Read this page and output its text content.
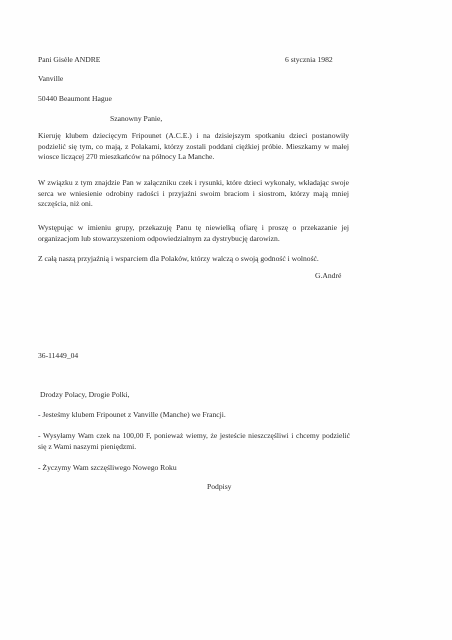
Pani Gisèle ANDRE	6 stycznia 1982
Vanville
50440 Beaumont Hague
Szanowny Panie,
Kieruję klubem dziecięcym Fripounet (A.C.E.) i na dzisiejszym spotkaniu dzieci postanowiły podzielić się tym, co mają, z Polakami, którzy zostali poddani ciężkiej próbie. Mieszkamy w małej wiosce liczącej 270 mieszkańców na północy La Manche.
W związku z tym znajdzie Pan w załączniku czek i rysunki, które dzieci wykonały, wkładając swoje serca we wniesienie odrobiny radości i przyjaźni swoim braciom i siostrom, którzy mają mniej szczęścia, niż oni.
Występując w imieniu grupy, przekazuję Panu tę niewielką ofiarę i proszę o przekazanie jej organizacjom lub stowarzyszeniom odpowiedzialnym za dystrybucję darowizn.
Z całą naszą przyjaźnią i wsparciem dla Polaków, którzy walczą o swoją godność i wolność.
G.André
36-11449_04
Drodzy Polacy, Drogie Polki,
- Jesteśmy klubem Fripounet z Vanville (Manche) we Francji.
- Wysyłamy Wam czek na 100,00 F, ponieważ wiemy, że jesteście nieszczęśliwi i chcemy podzielić się z Wami naszymi pieniędzmi.
- Życzymy Wam szczęśliwego Nowego Roku
Podpisy
